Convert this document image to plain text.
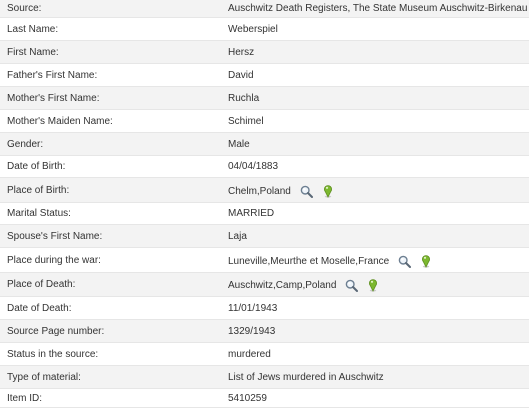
Source:	Auschwitz Death Registers, The State Museum Auschwitz-Birkenau
Last Name:	Weberspiel
First Name:	Hersz
Father's First Name:	David
Mother's First Name:	Ruchla
Mother's Maiden Name:	Schimel
Gender:	Male
Date of Birth:	04/04/1883
Place of Birth:	Chelm,Poland
Marital Status:	MARRIED
Spouse's First Name:	Laja
Place during the war:	Luneville,Meurthe et Moselle,France
Place of Death:	Auschwitz,Camp,Poland
Date of Death:	11/01/1943
Source Page number:	1329/1943
Status in the source:	murdered
Type of material:	List of Jews murdered in Auschwitz
Item ID:	5410259
